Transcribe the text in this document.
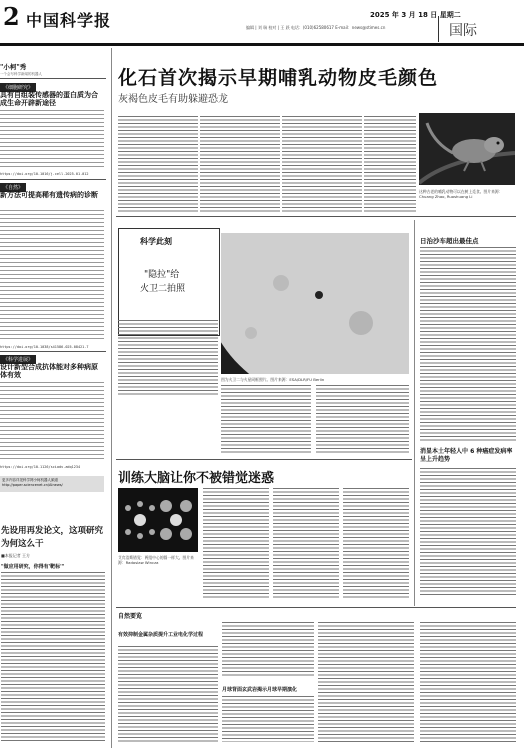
2 中国科学报	2025 年 3 月 18 日 星期二
编辑 | 刘 瑞 校对 | 王 跃 电话：(010)62580617 E-mail：news@stimes.cn	国际
"小柯"秀
一个会写科学新闻的机器人
《细胞研究》
具有自组装传感器的蛋白质为合成生命开辟新途径
https://doi.org/10.1016/j.cell.2025.01.012
《自然》
新方法可提高稀有遗传病的诊断
https://doi.org/10.1038/s41586-025-08421-7
《科学进展》
设计新型合成抗体能对多种病原体有效
https://doi.org/10.1126/sciadv.adq1234
更多内容详见科学网小柯机器人频道 http://paper.sciencenet.cn/AInews/
先设用再发论文，这项研究为何这么干
■本报记者 王方
"做应用研究，你得有'靶标'"
化石首次揭示早期哺乳动物皮毛颜色
灰褐色皮毛有助躲避恐龙
这种古老的哺乳动物可以在树上觅食。图片来源：Chuang Zhao, Ruoshuang Li
科学此刻
"隐拉"给
火卫二拍照
图为火卫二与火星同框照片。图片来源：ESA/DLR/FU Berlin
日治沙车超出最佳点
消显本土年轻人中 6 种癌症发病率呈上升趋势
训练大脑让你不被错觉迷惑
艾宾浩斯错觉：两组中心的圆一样大。图片来源：Radoslaw Wincza
自然要览
有效抑制金属杂质提升工业电化学过程
月球背面玄武岩揭示月球早期演化
